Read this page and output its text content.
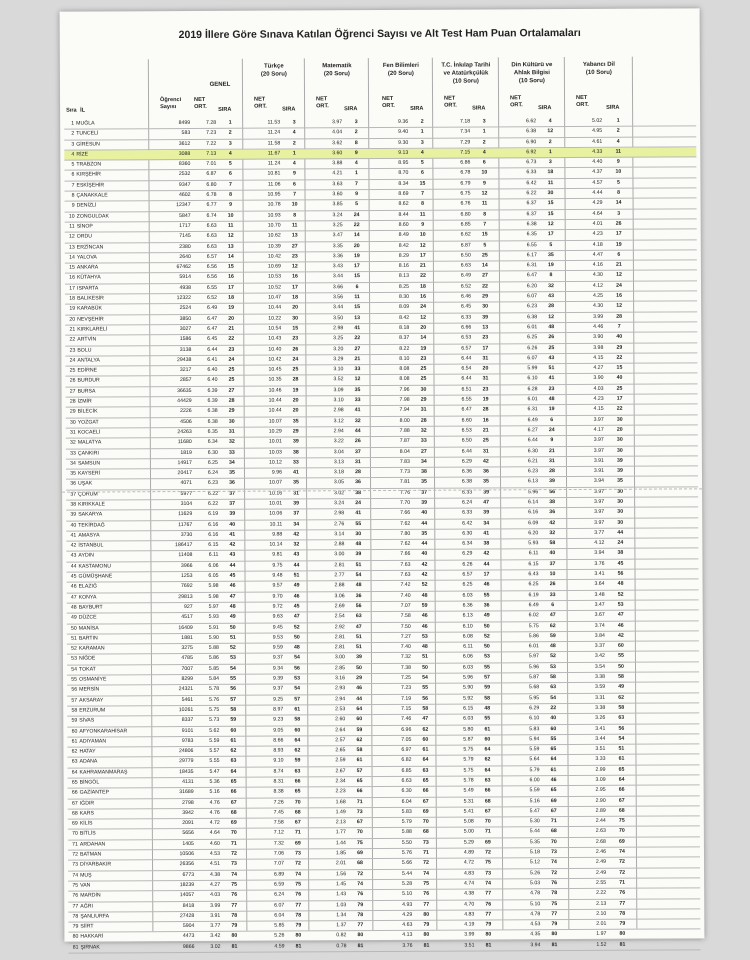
2019 İllere Göre Sınava Katılan Öğrenci Sayısı ve Alt Test Ham Puan Ortalamaları
GENEL
Türkçe
(20 Soru)
Matematik
(20 Soru)
Fen Bilimleri
(20 Soru)
T.C. İnkılap Tarihi
ve Atatürkçülük
(10 Soru)
Din Kültürü ve
Ahlak Bilgisi
(10 Soru)
Yabancı Dil
(10 Soru)
Sıra İL
Öğrenci
Sayısı
NET
ORT. SIRA
NET
ORT.	SIRA
NET
ORT.	SIRA
NET
ORT.	SIRA
NET
ORT.	SIRA
NET
ORT.	SIRA
NET
ORT.	SIRA
1 MUĞLA	8499	7.28	1	11.53	3	3.97	3	9.36	2	7.18	3	6.62	4	5.02	1
2 TUNCELİ	583	7.23	2	11.24	4	4.04	2	9.40	1	7.34	1	6.38	12	4.95	2
3 GİRESUN	3612	7.22	3	11.58	2	3.62	8	9.30	3	7.29	2	6.90	2	4.61	4
4 RİZE	3088	7.13	4	11.67	1	3.60	9	9.13	4	7.15	4	6.92	1	4.33	11
5 TRABZON	8360	7.01	5	11.24	4	3.88	4	8.95	5	6.86	6	6.73	3	4.40	9
6 KIRŞEHİR	2532	6.87	6	10.81	9	4.21	1	8.70	6	6.78	10	6.33	18	4.37	10
7 ESKİŞEHİR	9347	6.80	7	11.06	6	3.63	7	8.34	15	6.79	9	6.42	11	4.57	5
8 ÇANAKKALE	4602	6.78	8	10.95	7	3.60	9	8.69	7	6.75	12	6.22	30	4.44	8
9 DENİZLİ	12347	6.77	9	10.78	10	3.85	5	8.62	8	6.76	11	6.37	15	4.29	14
10 ZONGULDAK	5847	6.74	10	10.93	8	3.24	24	8.44	11	6.80	8	6.37	15	4.64	3
11 SİNOP	1717	6.63	11	10.70	11	3.25	22	8.60	9	6.85	7	6.38	12	4.01	26
12 ORDU	7145	6.63	12	10.62	13	3.47	14	8.49	10	6.62	15	6.35	17	4.23	17
13 ERZİNCAN	2380	6.63	13	10.39	27	3.35	20	8.42	12	6.87	5	6.55	5	4.18	19
14 YALOVA	2640	6.57	14	10.42	23	3.36	19	8.29	17	6.50	25	6.17	35	4.47	6
15 ANKARA	67462	6.56	15	10.69	12	3.43	17	8.16	21	6.63	14	6.31	19	4.16	21
16 KÜTAHYA	5914	6.56	16	10.53	16	3.44	15	8.13	22	6.49	27	6.47	8	4.30	12
17 ISPARTA	4938	6.55	17	10.52	17	3.66	6	8.25	18	6.52	22	6.20	32	4.12	24
18 BALIKESİR	12322	6.52	18	10.47	18	3.56	11	8.30	16	6.46	29	6.07	43	4.25	16
19 KARABÜK	2524	6.49	19	10.44	20	3.44	15	8.09	24	6.45	30	6.23	28	4.30	12
20 NEVŞEHİR	3850	6.47	20	10.22	30	3.50	13	8.42	12	6.33	39	6.38	12	3.99	28
21 KIRKLARELİ	3027	6.47	21	10.54	15	2.98	41	8.18	20	6.66	13	6.01	48	4.46	7
22 ARTVİN	1586	6.45	22	10.43	23	3.25	22	8.37	14	6.53	23	6.25	26	3.90	40
23 BOLU	3138	6.44	23	10.40	26	3.20	27	8.22	19	6.57	17	6.26	25	3.98	29
24 ANTALYA	29438	6.41	24	10.42	24	3.29	21	8.10	23	6.44	31	6.07	43	4.15	22
25 EDİRNE	3217	6.40	25	10.45	25	3.10	33	8.08	25	6.54	20	5.99	51	4.27	15
26 BURDUR	2857	6.40	25	10.35	28	3.52	12	8.08	25	6.44	31	6.10	41	3.90	40
27 BURSA	36635	6.39	27	10.46	19	3.09	35	7.96	30	6.51	23	6.28	23	4.03	25
28 İZMİR	44429	6.39	28	10.44	20	3.10	33	7.98	29	6.55	19	6.01	48	4.23	17
29 BİLECİK	2226	6.38	29	10.44	20	2.98	41	7.94	31	6.47	28	6.31	19	4.15	22
30 YOZGAT	4506	6.38	30	10.07	35	3.12	32	8.00	28	6.60	16	6.49	6	3.97	30
31 KOCAELİ	24263	6.35	31	10.29	29	2.94	44	7.88	32	6.53	21	6.27	24	4.17	20
32 MALATYA	11680	6.34	32	10.01	39	3.22	26	7.87	33	6.50	25	6.44	9	3.97	30
33 ÇANKIRI	1819	6.30	33	10.03	38	3.04	37	8.04	27	6.44	31	6.30	21	3.97	30
34 SAMSUN	14917	6.25	34	10.12	33	3.13	31	7.83	34	6.29	42	6.21	31	3.91	39
35 KAYSERİ	20417	6.24	35	9.96	41	3.18	28	7.73	38	6.36	36	6.23	28	3.91	39
36 UŞAK	4071	6.23	36	10.07	35	3.05	36	7.81	35	6.38	35	6.13	39	3.94	35
37 ÇORUM	5977	6.22	37	10.16	31	3.02	38	7.76	37	6.33	39	5.96	56	3.97	30
38 KIRIKKALE	3104	6.22	37	10.01	39	3.24	24	7.70	39	6.24	47	6.14	38	3.97	30
39 SAKARYA	11629	6.19	39	10.06	37	2.98	41	7.66	40	6.33	39	6.16	36	3.97	30
40 TEKİRDAĞ	11767	6.16	40	10.11	34	2.76	55	7.62	44	6.42	34	6.09	42	3.97	30
41 AMASYA	3730	6.16	41	9.88	42	3.14	30	7.80	35	6.30	41	6.20	32	3.77	44
42 İSTANBUL	186417	6.15	42	10.14	32	2.88	48	7.62	44	6.34	38	5.93	58	4.12	24
43 AYDIN	11408	6.11	43	9.81	43	3.00	39	7.66	40	6.29	42	6.11	40	3.94	38
44 KASTAMONU	3966	6.06	44	9.75	44	2.81	51	7.63	42	6.26	44	6.15	37	3.76	45
45 GÜMÜŞHANE	1253	6.05	45	9.48	51	2.77	54	7.63	42	6.57	17	6.43	10	3.41	56
46 ELAZIĞ	7692	5.98	46	9.57	49	2.88	48	7.42	52	6.25	46	6.25	26	3.64	48
47 KONYA	29813	5.98	47	9.70	46	3.06	36	7.40	48	6.03	55	6.19	33	3.48	52
48 BAYBURT	927	5.97	48	9.72	45	2.69	56	7.07	59	6.36	36	6.49	6	3.47	53
49 DÜZCE	4517	5.93	49	9.63	47	2.54	63	7.58	46	6.13	49	6.02	47	3.67	47
50 MANİSA	16409	5.91	50	9.45	52	2.92	47	7.50	46	6.10	50	5.75	62	3.74	46
51 BARTIN	1881	5.90	51	9.53	50	2.81	51	7.27	53	6.08	52	5.86	59	3.84	42
52 KARAMAN	3275	5.88	52	9.59	48	2.81	51	7.40	48	6.11	50	6.01	48	3.37	60
53 NİĞDE	4785	5.86	53	9.37	54	3.00	39	7.32	51	6.06	53	5.97	52	3.42	55
54 TOKAT	7007	5.85	54	9.34	56	2.85	50	7.38	50	6.03	55	5.96	53	3.54	50
55 OSMANİYE	8299	5.84	55	9.39	53	3.16	29	7.25	54	5.96	57	5.87	58	3.38	58
56 MERSİN	24321	5.78	56	9.37	54	2.93	46	7.23	55	5.90	59	5.68	63	3.59	49
57 AKSARAY	5461	5.76	57	9.25	57	2.94	44	7.19	56	5.92	58	5.95	54	3.31	62
58 ERZURUM	10261	5.75	58	8.97	61	2.53	64	7.15	58	6.15	48	6.29	22	3.38	58
59 SİVAS	8337	5.73	59	9.23	58	2.60	60	7.46	47	6.03	55	6.10	40	3.26	63
60 AFYONKARAHİSAR	9101	5.62	60	9.05	60	2.64	59	6.96	62	5.80	61	5.83	60	3.41	56
61 ADIYAMAN	9783	5.59	61	8.66	64	2.57	62	7.05	60	5.87	60	5.94	55	3.44	54
62 HATAY	24806	5.57	62	8.93	62	2.65	58	6.97	61	5.75	64	5.59	65	3.51	51
63 ADANA	29779	5.55	63	9.10	59	2.59	61	6.82	64	5.79	62	5.64	64	3.33	61
64 KAHRAMANMARAŞ	18435	5.47	64	8.74	63	2.67	57	6.85	63	5.75	64	5.79	61	2.99	65
65 BİNGÖL	4131	5.36	65	8.31	66	2.34	65	6.63	65	5.78	63	6.00	46	3.09	64
66 GAZİANTEP	31689	5.16	66	8.38	65	2.23	66	6.30	66	5.49	66	5.59	65	2.95	66
67 IĞDIR	2798	4.76	67	7.26	70	1.68	71	6.04	67	5.31	68	5.16	69	2.90	67
68 KARS	3942	4.76	68	7.45	68	1.49	73	5.83	69	5.41	67	5.47	67	2.89	68
69 KİLİS	2091	4.72	69	7.58	67	2.13	67	5.79	70	5.08	70	5.30	71	2.44	75
70 BİTLİS	5656	4.64	70	7.12	71	1.77	70	5.88	68	5.00	71	5.44	68	2.63	70
71 ARDAHAN	1405	4.60	71	7.32	69	1.44	75	5.50	73	5.29	69	5.35	70	2.68	69
72 BATMAN	10506	4.53	72	7.06	73	1.85	69	5.76	71	4.89	72	5.18	73	2.46	74
73 DİYARBAKIR	26356	4.51	73	7.07	72	2.01	68	5.66	72	4.72	75	5.12	74	2.49	72
74 MUŞ	6773	4.38	74	6.89	74	1.56	72	5.44	74	4.83	73	5.26	72	2.49	72
75 VAN	18239	4.27	75	6.59	75	1.45	74	5.28	75	4.74	74	5.03	76	2.55	71
76 MARDİN	14057	4.03	76	6.24	76	1.43	76	5.10	76	4.38	77	4.78	78	2.22	76
77 AĞRI	8418	3.99	77	6.07	77	1.03	79	4.93	77	4.70	76	5.10	75	2.13	77
78 ŞANLIURFA	27428	3.91	78	6.04	78	1.34	78	4.29	80	4.83	77	4.78	77	2.10	78
79 SİİRT	5904	3.77	79	5.85	79	1.37	77	4.63	79	4.19	79	4.53	79	2.01	79
80 HAKKARİ	4473	3.42	80	5.26	80	0.82	80	4.13	80	3.99	80	4.35	80	1.97	80
81 ŞIRNAK	9866	3.02	81	4.59	81	0.78	81	3.76	81	3.51	81	3.94	81	1.52	81
